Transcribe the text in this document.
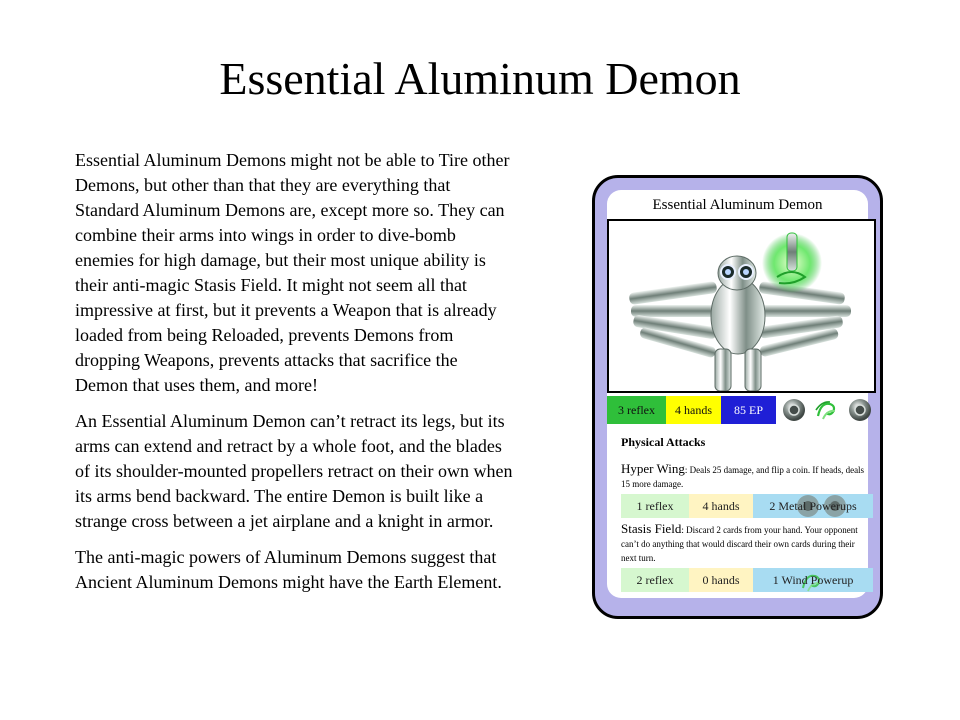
Essential Aluminum Demon

Essential Aluminum Demons might not be able to Tire other Demons, but other than that they are everything that Standard Aluminum Demons are, except more so. They can combine their arms into wings in order to dive-bomb enemies for high damage, but their most unique ability is their anti-magic Stasis Field. It might not seem all that impressive at first, but it prevents a Weapon that is already loaded from being Reloaded, prevents Demons from dropping Weapons, prevents attacks that sacrifice the Demon that uses them, and more!

An Essential Aluminum Demon can’t retract its legs, but its arms can extend and retract by a whole foot, and the blades of its shoulder-mounted propellers retract on their own when its arms bend backward. The entire Demon is built like a strange cross between a jet airplane and a knight in armor.

The anti-magic powers of Aluminum Demons suggest that Ancient Aluminum Demons might have the Earth Element.

Essential Aluminum Demon
3 reflex	4 hands	85 EP
Physical Attacks
Hyper Wing: Deals 25 damage, and flip a coin. If heads, deals 15 more damage.
1 reflex	4 hands	2 Metal Powerups
Stasis Field: Discard 2 cards from your hand. Your opponent can’t do anything that would discard their own cards during their next turn.
2 reflex	0 hands	1 Wind Powerup
